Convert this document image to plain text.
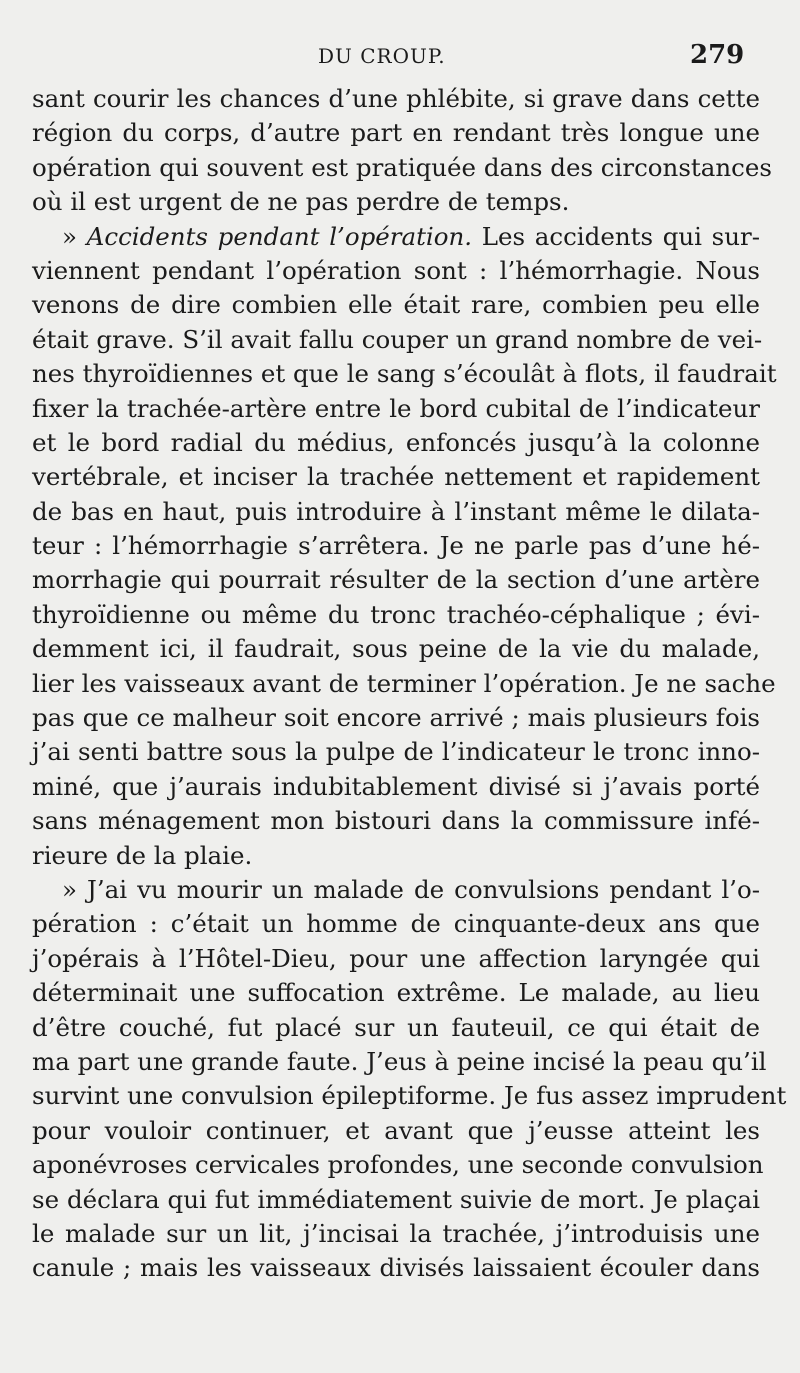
DU CROUP.	279
sant courir les chances d’une phlébite, si grave dans cette
région du corps, d’autre part en rendant très longue une
opération qui souvent est pratiquée dans des circonstances
où il est urgent de ne pas perdre de temps.
» Accidents pendant l’opération. Les accidents qui sur-
viennent pendant l’opération sont : l’hémorrhagie. Nous
venons de dire combien elle était rare, combien peu elle
était grave. S’il avait fallu couper un grand nombre de vei-
nes thyroïdiennes et que le sang s’écoulât à flots, il faudrait
fixer la trachée-artère entre le bord cubital de l’indicateur
et le bord radial du médius, enfoncés jusqu’à la colonne
vertébrale, et inciser la trachée nettement et rapidement
de bas en haut, puis introduire à l’instant même le dilata-
teur : l’hémorrhagie s’arrêtera. Je ne parle pas d’une hé-
morrhagie qui pourrait résulter de la section d’une artère
thyroïdienne ou même du tronc trachéo-céphalique ; évi-
demment ici, il faudrait, sous peine de la vie du malade,
lier les vaisseaux avant de terminer l’opération. Je ne sache
pas que ce malheur soit encore arrivé ; mais plusieurs fois
j’ai senti battre sous la pulpe de l’indicateur le tronc inno-
miné, que j’aurais indubitablement divisé si j’avais porté
sans ménagement mon bistouri dans la commissure infé-
rieure de la plaie.
» J’ai vu mourir un malade de convulsions pendant l’o-
pération : c’était un homme de cinquante-deux ans que
j’opérais à l’Hôtel-Dieu, pour une affection laryngée qui
déterminait une suffocation extrême. Le malade, au lieu
d’être couché, fut placé sur un fauteuil, ce qui était de
ma part une grande faute. J’eus à peine incisé la peau qu’il
survint une convulsion épileptiforme. Je fus assez imprudent
pour vouloir continuer, et avant que j’eusse atteint les
aponévroses cervicales profondes, une seconde convulsion
se déclara qui fut immédiatement suivie de mort. Je plaçai
le malade sur un lit, j’incisai la trachée, j’introduisis une
canule ; mais les vaisseaux divisés laissaient écouler dans
